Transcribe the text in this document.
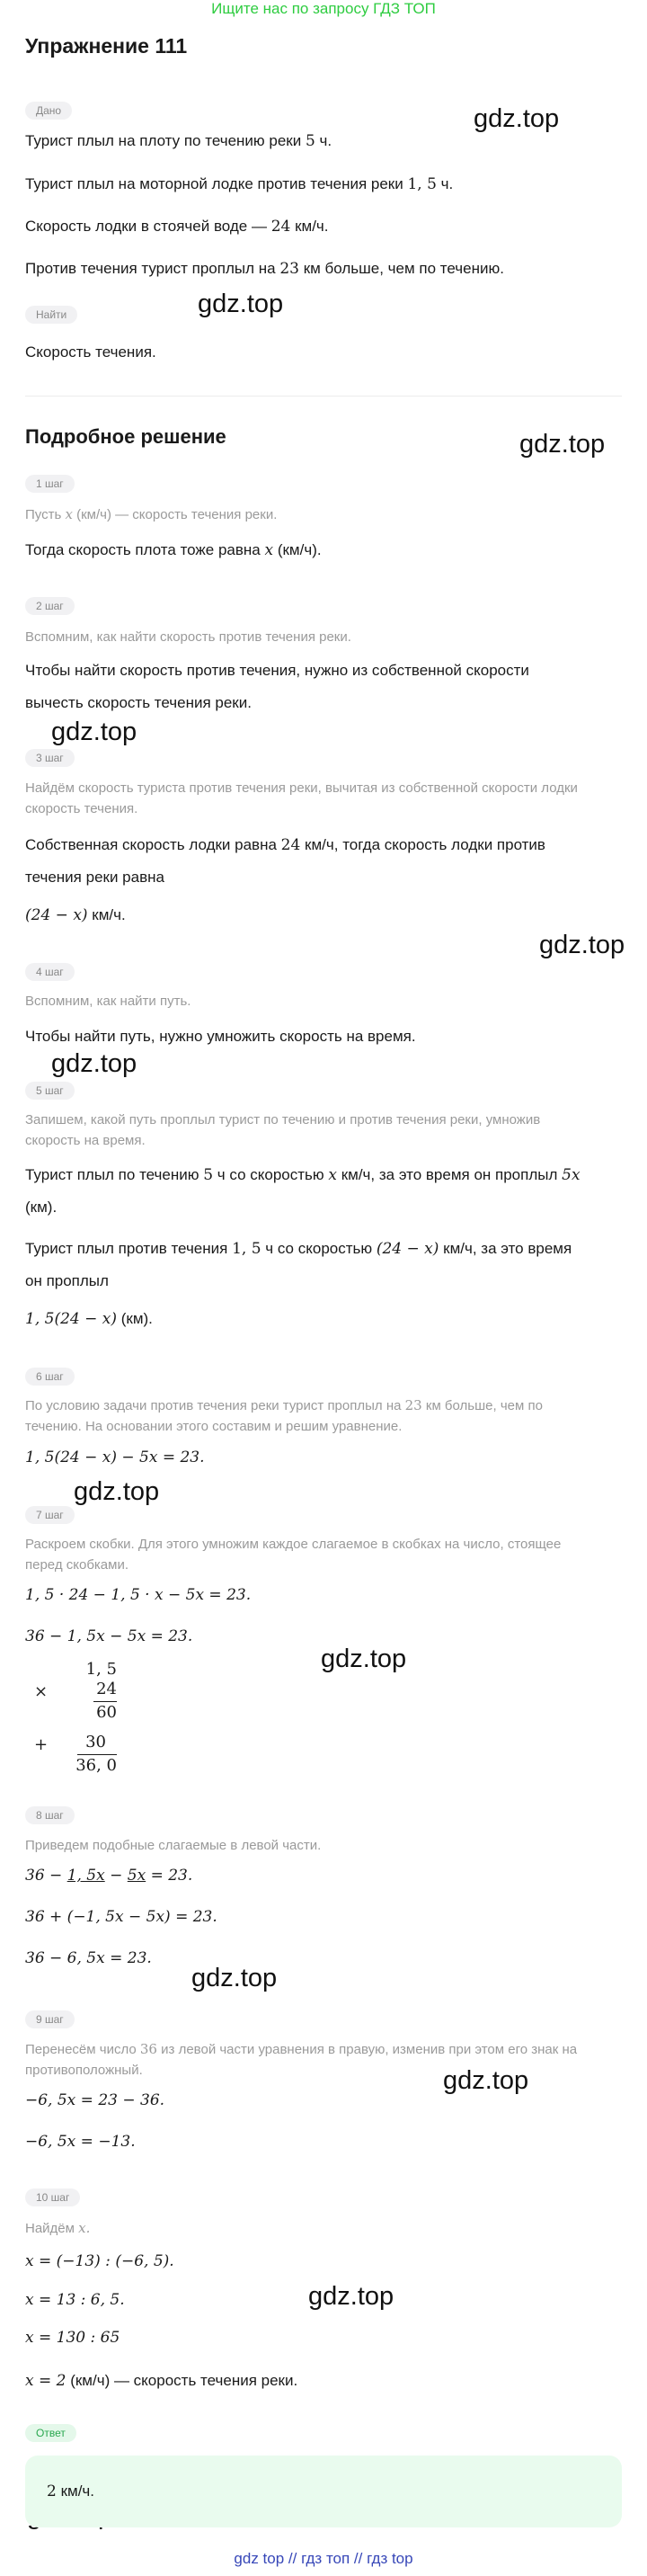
Ищите нас по запросу ГДЗ ТОП
Упражнение 111
Дано
Турист плыл на плоту по течению реки 5 ч.
Турист плыл на моторной лодке против течения реки 1, 5 ч.
Скорость лодки в стоячей воде — 24 км/ч.
Против течения турист проплыл на 23 км больше, чем по течению.
Найти
Скорость течения.
gdz.top
gdz.top
gdz.top
gdz.top
gdz.top
gdz.top
gdz.top
gdz.top
gdz.top
gdz.top
gdz.top
Подробное решение
1 шаг
Пусть x (км/ч) — скорость течения реки.
Тогда скорость плота тоже равна x (км/ч).
2 шаг
Вспомним, как найти скорость против течения реки.
Чтобы найти скорость против течения, нужно из собственной скорости
вычесть скорость течения реки.
3 шаг
Найдём скорость туриста против течения реки, вычитая из собственной скорости лодки
скорость течения.
Собственная скорость лодки равна 24 км/ч, тогда скорость лодки против
течения реки равна
(24 − x) км/ч.
4 шаг
Вспомним, как найти путь.
Чтобы найти путь, нужно умножить скорость на время.
5 шаг
Запишем, какой путь проплыл турист по течению и против течения реки, умножив
скорость на время.
Турист плыл по течению 5 ч со скоростью x км/ч, за это время он проплыл 5x
(км).
Турист плыл против течения 1, 5 ч со скоростью (24 − x) км/ч, за это время
он проплыл
1, 5(24 − x) (км).
6 шаг
По условию задачи против течения реки турист проплыл на 23 км больше, чем по
течению. На основании этого составим и решим уравнение.
1, 5(24 − x) − 5x = 23.
7 шаг
Раскроем скобки. Для этого умножим каждое слагаемое в скобках на число, стоящее
перед скобками.
1, 5 · 24 − 1, 5 · x − 5x = 23.
36 − 1, 5x − 5x = 23.
1, 5
×	24
60
+ 30
36, 0
8 шаг
Приведем подобные слагаемые в левой части.
36 − 1, 5x − 5x = 23.
36 + (−1, 5x − 5x) = 23.
36 − 6, 5x = 23.
9 шаг
Перенесём число 36 из левой части уравнения в правую, изменив при этом его знак на
противоположный.
−6, 5x = 23 − 36.
−6, 5x = −13.
10 шаг
Найдём x.
x = (−13) : (−6, 5).
x = 13 : 6, 5.
x = 130 : 65
x = 2 (км/ч) — скорость течения реки.
Ответ
2 км/ч.
gdz top // гдз топ // гдз top
